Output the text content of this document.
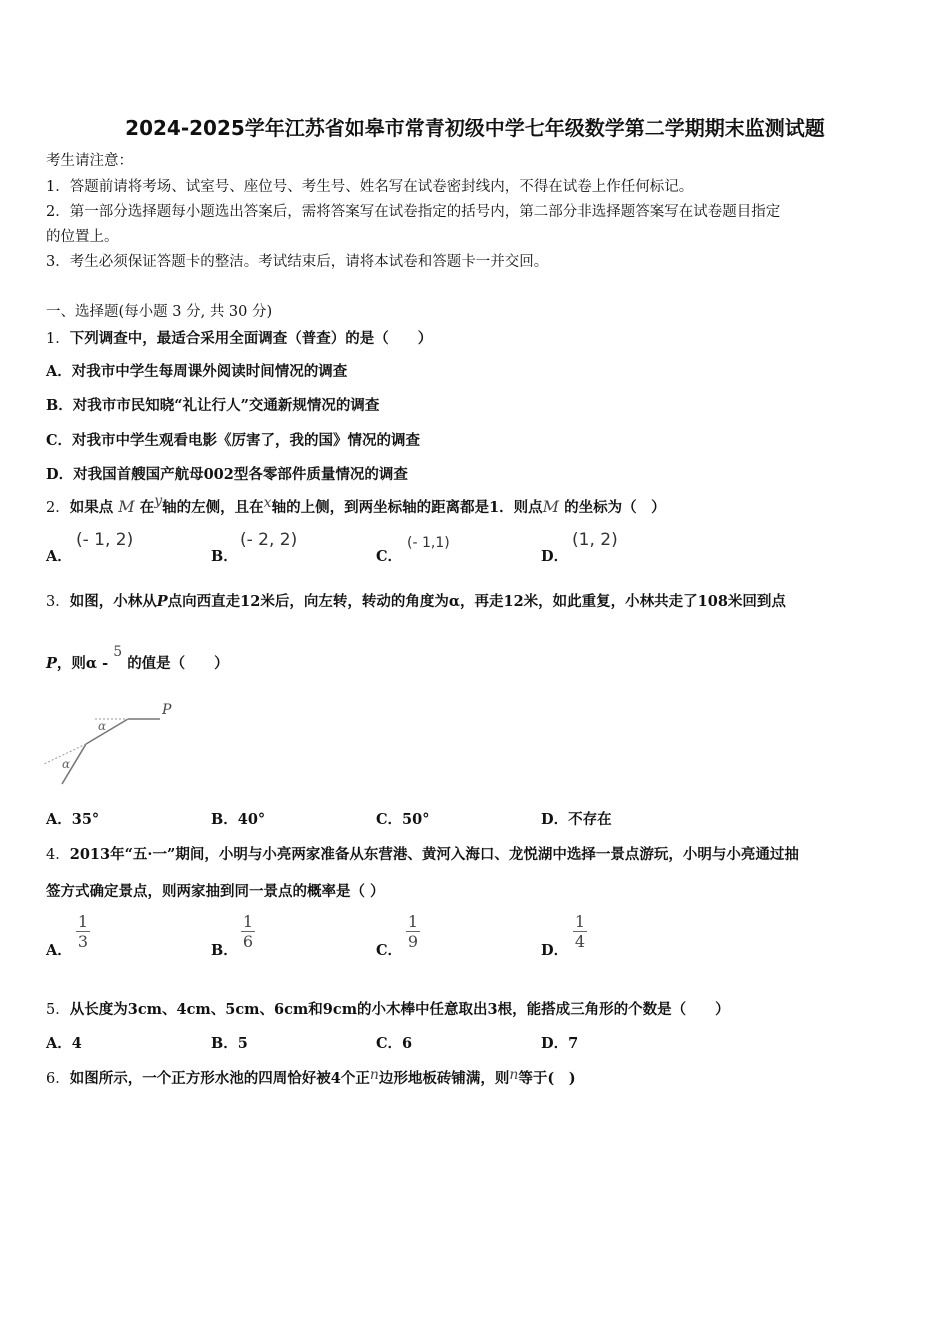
2024-2025学年江苏省如皋市常青初级中学七年级数学第二学期期末监测试题
考生请注意：
1．答题前请将考场、试室号、座位号、考生号、姓名写在试卷密封线内，不得在试卷上作任何标记。
2．第一部分选择题每小题选出答案后，需将答案写在试卷指定的括号内，第二部分非选择题答案写在试卷题目指定
的位置上。
3．考生必须保证答题卡的整洁。考试结束后，请将本试卷和答题卡一并交回。
一、选择题(每小题 3 分, 共 30 分)
1．下列调查中，最适合采用全面调查（普查）的是（　　）
A．对我市中学生每周课外阅读时间情况的调查
B．对我市市民知晓“礼让行人”交通新规情况的调查
C．对我市中学生观看电影《厉害了，我的国》情况的调查
D．对我国首艘国产航母002型各零部件质量情况的调查
2．如果点 M 在y轴的左侧，且在x轴的上侧，到两坐标轴的距离都是1．则点M 的坐标为（　）
A．
(- 1, 2)
B．
(- 2, 2)
C．
(- 1,1)
D．
(1, 2)
3．如图，小林从P点向西直走12米后，向左转，转动的角度为α，再走12米，如此重复，小林共走了108米回到点
P，则α - 5 的值是（　　）
P
α
α
A．35°	B．40°	C．50°	D．不存在
4．2013年“五·一”期间，小明与小亮两家准备从东营港、黄河入海口、龙悦湖中选择一景点游玩，小明与小亮通过抽
签方式确定景点，则两家抽到同一景点的概率是（ ）
A．
1
3	B．
1
6	C．
1
9	D．
1
4
5．从长度为3cm、4cm、5cm、6cm和9cm的小木棒中任意取出3根，能搭成三角形的个数是（　　）
A．4	B．5	C．6	D．7
6．如图所示，一个正方形水池的四周恰好被4个正n边形地板砖铺满，则n等于(　)
